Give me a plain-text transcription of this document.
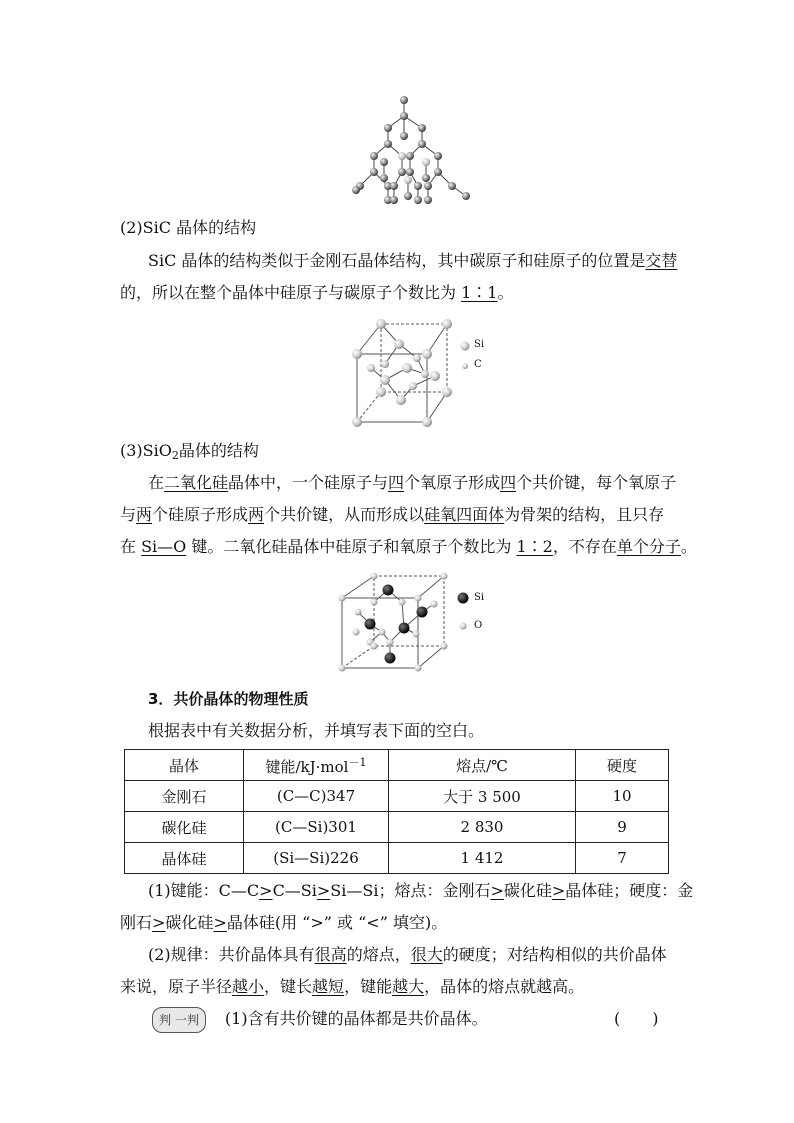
(2)SiC 晶体的结构
SiC 晶体的结构类似于金刚石晶体结构，其中碳原子和硅原子的位置是交替
的，所以在整个晶体中硅原子与碳原子个数比为 1∶1。
Si
C
(3)SiO$_2$晶体的结构
在二氧化硅晶体中，一个硅原子与四个氧原子形成四个共价键，每个氧原子
与两个硅原子形成两个共价键，从而形成以硅氧四面体为骨架的结构，且只存
在 Si—O 键。二氧化硅晶体中硅原子和氧原子个数比为 1∶2，不存在单个分子。
Si
O
3．共价晶体的物理性质
根据表中有关数据分析，并填写表下面的空白。
晶体	键能/kJ·mol$^{-1}$	熔点/℃	硬度
金刚石	(C—C)347	大于 3 500	10
碳化硅	(C—Si)301	2 830	9
晶体硅	(Si—Si)226	1 412	7
(1)键能：C—C>C—Si>Si—Si；熔点：金刚石>碳化硅>晶体硅；硬度：金
刚石>碳化硅>晶体硅(用 “>” 或 “<” 填空)。
(2)规律：共价晶体具有很高的熔点，很大的硬度；对结构相似的共价晶体
来说，原子半径越小，键长越短，键能越大，晶体的熔点就越高。
判 一判 (1)含有共价键的晶体都是共价晶体。	(　　)
